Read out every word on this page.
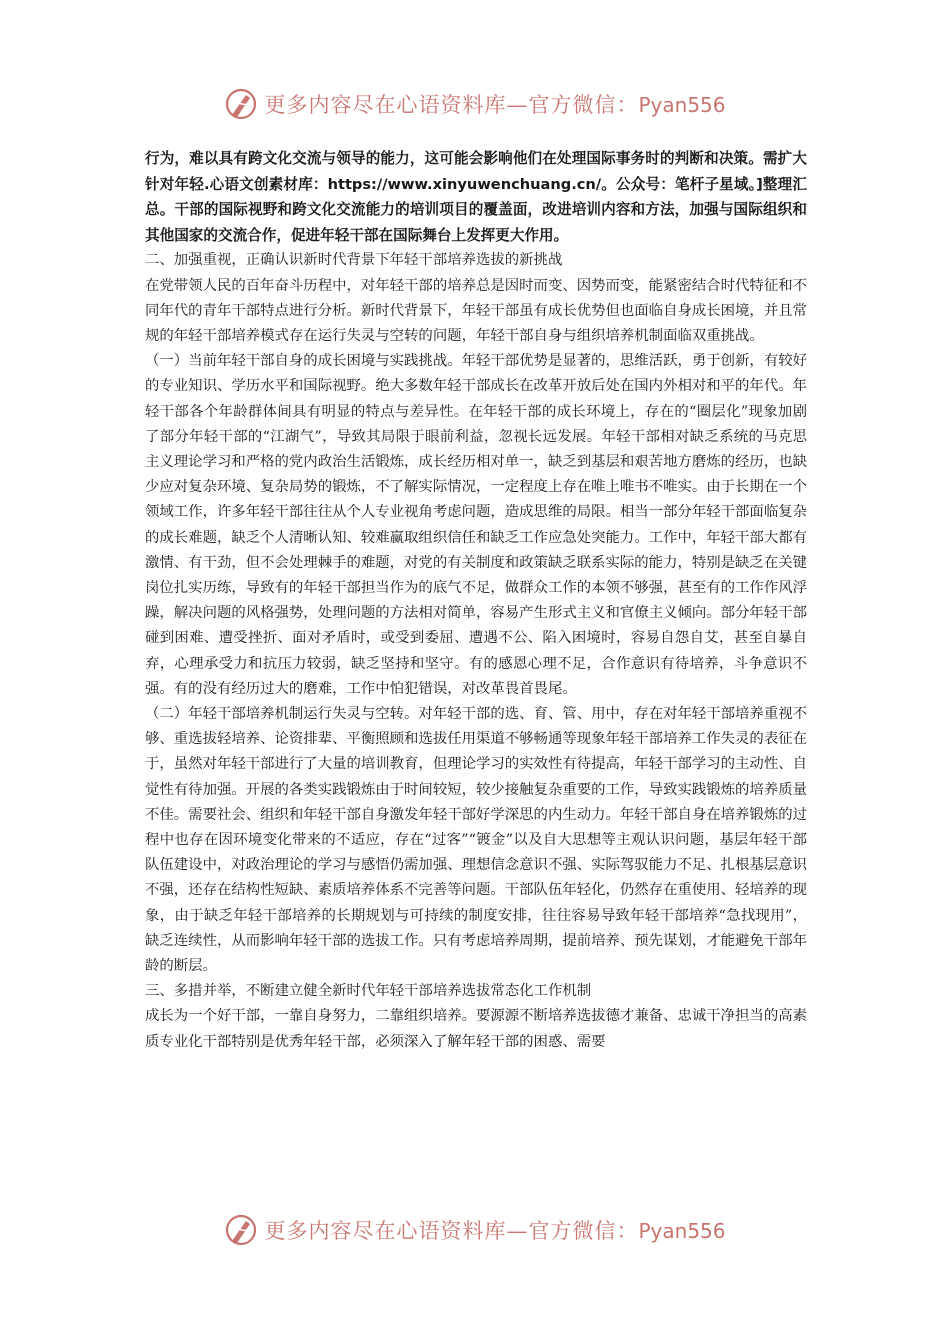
更多内容尽在心语资料库—官方微信：Pyan556

行为，难以具有跨文化交流与领导的能力，这可能会影响他们在处理国际事务时的判断和决策。需扩大针对年轻.心语文创素材库：https://www.xinyuwenchuang.cn/。公众号：笔杆子星域。]整理汇总。干部的国际视野和跨文化交流能力的培训项目的覆盖面，改进培训内容和方法，加强与国际组织和其他国家的交流合作，促进年轻干部在国际舞台上发挥更大作用。

二、加强重视，正确认识新时代背景下年轻干部培养选拔的新挑战

在党带领人民的百年奋斗历程中，对年轻干部的培养总是因时而变、因势而变，能紧密结合时代特征和不同年代的青年干部特点进行分析。新时代背景下，年轻干部虽有成长优势但也面临自身成长困境，并且常规的年轻干部培养模式存在运行失灵与空转的问题，年轻干部自身与组织培养机制面临双重挑战。

（一）当前年轻干部自身的成长困境与实践挑战。年轻干部优势是显著的，思维活跃，勇于创新，有较好的专业知识、学历水平和国际视野。绝大多数年轻干部成长在改革开放后处在国内外相对和平的年代。年轻干部各个年龄群体间具有明显的特点与差异性。在年轻干部的成长环境上，存在的“圈层化”现象加剧了部分年轻干部的“江湖气”，导致其局限于眼前利益，忽视长远发展。年轻干部相对缺乏系统的马克思主义理论学习和严格的党内政治生活锻炼，成长经历相对单一，缺乏到基层和艰苦地方磨炼的经历，也缺少应对复杂环境、复杂局势的锻炼，不了解实际情况，一定程度上存在唯上唯书不唯实。由于长期在一个领域工作，许多年轻干部往往从个人专业视角考虑问题，造成思维的局限。相当一部分年轻干部面临复杂的成长难题，缺乏个人清晰认知、较难赢取组织信任和缺乏工作应急处突能力。工作中，年轻干部大都有激情、有干劲，但不会处理棘手的难题，对党的有关制度和政策缺乏联系实际的能力，特别是缺乏在关键岗位扎实历练，导致有的年轻干部担当作为的底气不足，做群众工作的本领不够强，甚至有的工作作风浮躁，解决问题的风格强势，处理问题的方法相对简单，容易产生形式主义和官僚主义倾向。部分年轻干部碰到困难、遭受挫折、面对矛盾时，或受到委屈、遭遇不公、陷入困境时，容易自怨自艾，甚至自暴自弃，心理承受力和抗压力较弱，缺乏坚持和坚守。有的感恩心理不足，合作意识有待培养，斗争意识不强。有的没有经历过大的磨难，工作中怕犯错误，对改革畏首畏尾。

（二）年轻干部培养机制运行失灵与空转。对年轻干部的选、育、管、用中，存在对年轻干部培养重视不够、重选拔轻培养、论资排辈、平衡照顾和选拔任用渠道不够畅通等现象年轻干部培养工作失灵的表征在于，虽然对年轻干部进行了大量的培训教育，但理论学习的实效性有待提高，年轻干部学习的主动性、自觉性有待加强。开展的各类实践锻炼由于时间较短，较少接触复杂重要的工作，导致实践锻炼的培养质量不佳。需要社会、组织和年轻干部自身激发年轻干部好学深思的内生动力。年轻干部自身在培养锻炼的过程中也存在因环境变化带来的不适应，存在“过客”“镀金”以及自大思想等主观认识问题，基层年轻干部队伍建设中，对政治理论的学习与感悟仍需加强、理想信念意识不强、实际驾驭能力不足、扎根基层意识不强，还存在结构性短缺、素质培养体系不完善等问题。干部队伍年轻化，仍然存在重使用、轻培养的现象，由于缺乏年轻干部培养的长期规划与可持续的制度安排，往往容易导致年轻干部培养“急找现用”，缺乏连续性，从而影响年轻干部的选拔工作。只有考虑培养周期，提前培养、预先谋划，才能避免干部年龄的断层。

三、多措并举，不断建立健全新时代年轻干部培养选拔常态化工作机制

成长为一个好干部，一靠自身努力，二靠组织培养。要源源不断培养选拔德才兼备、忠诚干净担当的高素质专业化干部特别是优秀年轻干部，必须深入了解年轻干部的困惑、需要

更多内容尽在心语资料库—官方微信：Pyan556
